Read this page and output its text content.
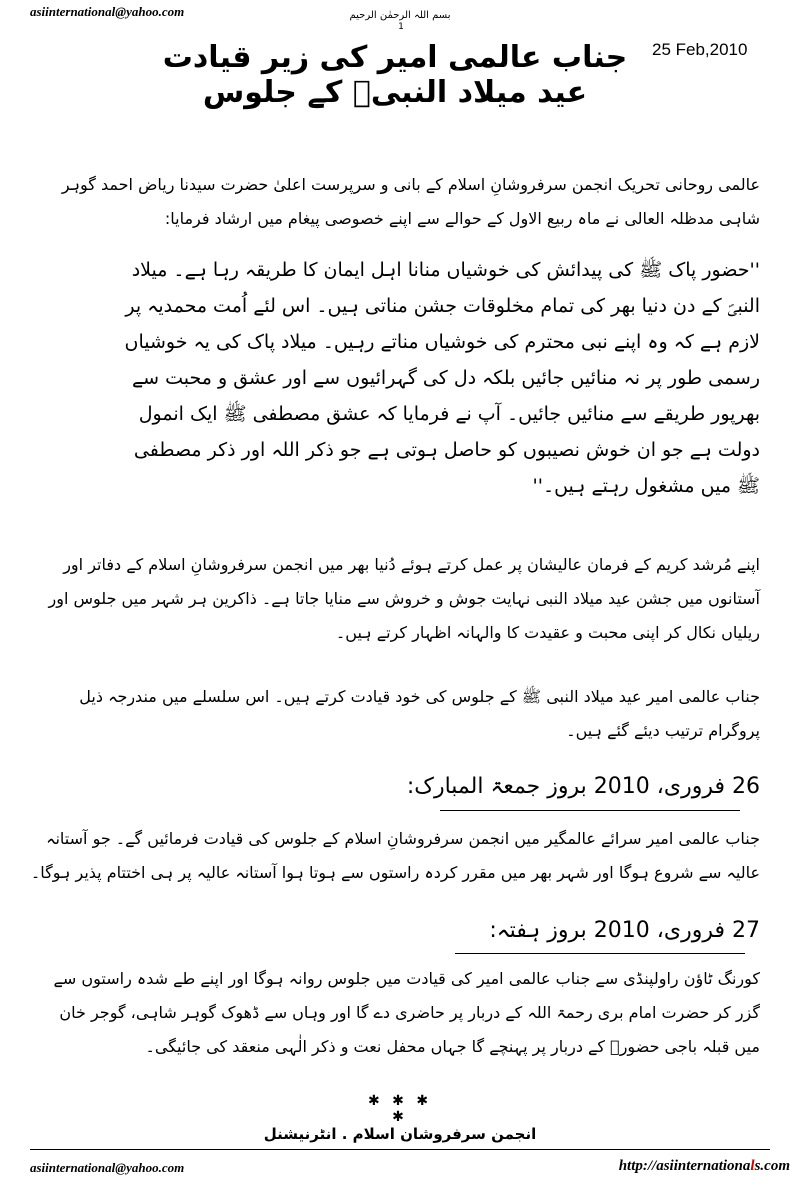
asiinternational@yahoo.com	بسم اللہ الرحمٰن الرحیم
1
25 Feb,2010
جناب عالمی امیر کی زیر قیادت عید میلاد النبیؐ کے جلوس
عالمی روحانی تحریک انجمن سرفروشانِ اسلام کے بانی و سرپرست اعلیٰ حضرت سیدنا ریاض احمد گوہر شاہی مدظلہ العالی نے ماہ ربیع الاول کے حوالے سے اپنے خصوصی پیغام میں ارشاد فرمایا:
''حضور پاک ﷺ کی پیدائش کی خوشیاں منانا اہل ایمان کا طریقہ رہا ہے۔ میلاد النبیؐ کے دن دنیا بھر کی تمام مخلوقات جشن مناتی ہیں۔ اس لئے اُمت محمدیہ پر لازم ہے کہ وہ اپنے نبی محترم کی خوشیاں مناتے رہیں۔ میلاد پاک کی یہ خوشیاں رسمی طور پر نہ منائیں جائیں بلکہ دل کی گہرائیوں سے اور عشق و محبت سے بھرپور طریقے سے منائیں جائیں۔ آپ نے فرمایا کہ عشق مصطفی ﷺ ایک انمول دولت ہے جو ان خوش نصیبوں کو حاصل ہوتی ہے جو ذکر اللہ اور ذکر مصطفی ﷺ میں مشغول رہتے ہیں۔''
اپنے مُرشد کریم کے فرمان عالیشان پر عمل کرتے ہوئے دُنیا بھر میں انجمن سرفروشانِ اسلام کے دفاتر اور آستانوں میں جشن عید میلاد النبی نہایت جوش و خروش سے منایا جاتا ہے۔ ذاکرین ہر شہر میں جلوس اور ریلیاں نکال کر اپنی محبت و عقیدت کا والہانہ اظہار کرتے ہیں۔
جناب عالمی امیر عید میلاد النبی ﷺ کے جلوس کی خود قیادت کرتے ہیں۔ اس سلسلے میں مندرجہ ذیل پروگرام ترتیب دیئے گئے ہیں۔
26 فروری، 2010 بروز جمعۃ المبارک:
جناب عالمی امیر سرائے عالمگیر میں انجمن سرفروشانِ اسلام کے جلوس کی قیادت فرمائیں گے۔ جو آستانہ عالیہ سے شروع ہوگا اور شہر بھر میں مقرر کردہ راستوں سے ہوتا ہوا آستانہ عالیہ پر ہی اختتام پذیر ہوگا۔
27 فروری، 2010 بروز ہفتہ:
کورنگ ٹاؤن راولپنڈی سے جناب عالمی امیر کی قیادت میں جلوس روانہ ہوگا اور اپنے طے شدہ راستوں سے گزر کر حضرت امام بری رحمۃ اللہ کے دربار پر حاضری دے گا اور وہاں سے ڈھوک گوہر شاہی، گوجر خان میں قبلہ باجی حضورؒ کے دربار پر پہنچے گا جہاں محفل نعت و ذکر الٰہی منعقد کی جائیگی۔
✱ ✱ ✱ ✱
انجمن سرفروشان اسلام . انٹرنیشنل
asiinternational@yahoo.com	http://asiinternationals.com
